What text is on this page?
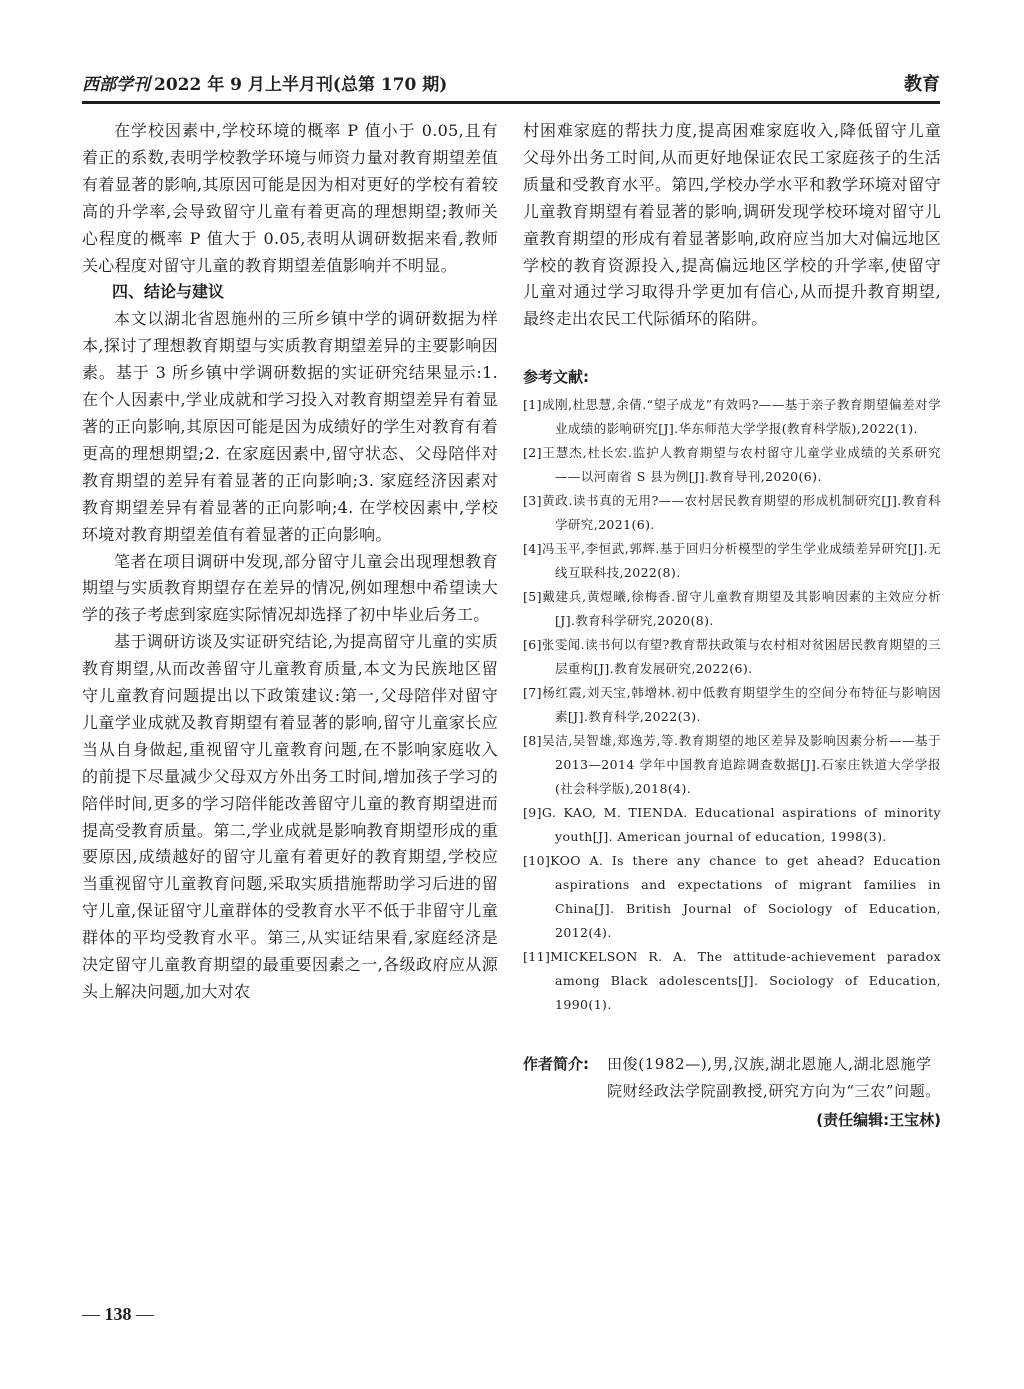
西部学刊 2022 年 9 月上半月刊(总第 170 期)	教育

在学校因素中,学校环境的概率 P 值小于 0.05,且有着正的系数,表明学校教学环境与师资力量对教育期望差值有着显著的影响,其原因可能是因为相对更好的学校有着较高的升学率,会导致留守儿童有着更高的理想期望;教师关心程度的概率 P 值大于 0.05,表明从调研数据来看,教师关心程度对留守儿童的教育期望差值影响并不明显。

四、结论与建议

本文以湖北省恩施州的三所乡镇中学的调研数据为样本,探讨了理想教育期望与实质教育期望差异的主要影响因素。基于 3 所乡镇中学调研数据的实证研究结果显示:1. 在个人因素中,学业成就和学习投入对教育期望差异有着显著的正向影响,其原因可能是因为成绩好的学生对教育有着更高的理想期望;2. 在家庭因素中,留守状态、父母陪伴对教育期望的差异有着显著的正向影响;3. 家庭经济因素对教育期望差异有着显著的正向影响;4. 在学校因素中,学校环境对教育期望差值有着显著的正向影响。

笔者在项目调研中发现,部分留守儿童会出现理想教育期望与实质教育期望存在差异的情况,例如理想中希望读大学的孩子考虑到家庭实际情况却选择了初中毕业后务工。

基于调研访谈及实证研究结论,为提高留守儿童的实质教育期望,从而改善留守儿童教育质量,本文为民族地区留守儿童教育问题提出以下政策建议:第一,父母陪伴对留守儿童学业成就及教育期望有着显著的影响,留守儿童家长应当从自身做起,重视留守儿童教育问题,在不影响家庭收入的前提下尽量减少父母双方外出务工时间,增加孩子学习的陪伴时间,更多的学习陪伴能改善留守儿童的教育期望进而提高受教育质量。第二,学业成就是影响教育期望形成的重要原因,成绩越好的留守儿童有着更好的教育期望,学校应当重视留守儿童教育问题,采取实质措施帮助学习后进的留守儿童,保证留守儿童群体的受教育水平不低于非留守儿童群体的平均受教育水平。第三,从实证结果看,家庭经济是决定留守儿童教育期望的最重要因素之一,各级政府应从源头上解决问题,加大对农

村困难家庭的帮扶力度,提高困难家庭收入,降低留守儿童父母外出务工时间,从而更好地保证农民工家庭孩子的生活质量和受教育水平。第四,学校办学水平和教学环境对留守儿童教育期望有着显著的影响,调研发现学校环境对留守儿童教育期望的形成有着显著影响,政府应当加大对偏远地区学校的教育资源投入,提高偏远地区学校的升学率,使留守儿童对通过学习取得升学更加有信心,从而提升教育期望,最终走出农民工代际循环的陷阱。

参考文献:

[1]成刚,杜思慧,余倩.“望子成龙”有效吗?——基于亲子教育期望偏差对学业成绩的影响研究[J].华东师范大学学报(教育科学版),2022(1).

[2]王慧杰,杜长宏.监护人教育期望与农村留守儿童学业成绩的关系研究——以河南省 S 县为例[J].教育导刊,2020(6).

[3]黄政.读书真的无用?——农村居民教育期望的形成机制研究[J].教育科学研究,2021(6).

[4]冯玉平,李恒武,郭辉.基于回归分析模型的学生学业成绩差异研究[J].无线互联科技,2022(8).

[5]戴建兵,黄煜曦,徐梅香.留守儿童教育期望及其影响因素的主效应分析[J].教育科学研究,2020(8).

[6]张雯闻.读书何以有望?教育帮扶政策与农村相对贫困居民教育期望的三层重构[J].教育发展研究,2022(6).

[7]杨红霞,刘天宝,韩增林.初中低教育期望学生的空间分布特征与影响因素[J].教育科学,2022(3).

[8]吴洁,吴智雄,郑逸芳,等.教育期望的地区差异及影响因素分析——基于 2013—2014 学年中国教育追踪调查数据[J].石家庄铁道大学学报(社会科学版),2018(4).

[9]G. KAO, M. TIENDA. Educational aspirations of minority youth[J]. American journal of education, 1998(3).

[10]KOO A. Is there any chance to get ahead? Education aspirations and expectations of migrant families in China[J]. British Journal of Sociology of Education, 2012(4).

[11]MICKELSON R. A. The attitude-achievement paradox among Black adolescents[J]. Sociology of Education, 1990(1).

作者简介: 田俊(1982—),男,汉族,湖北恩施人,湖北恩施学院财经政法学院副教授,研究方向为“三农”问题。
(责任编辑:王宝林)
— 138 —
